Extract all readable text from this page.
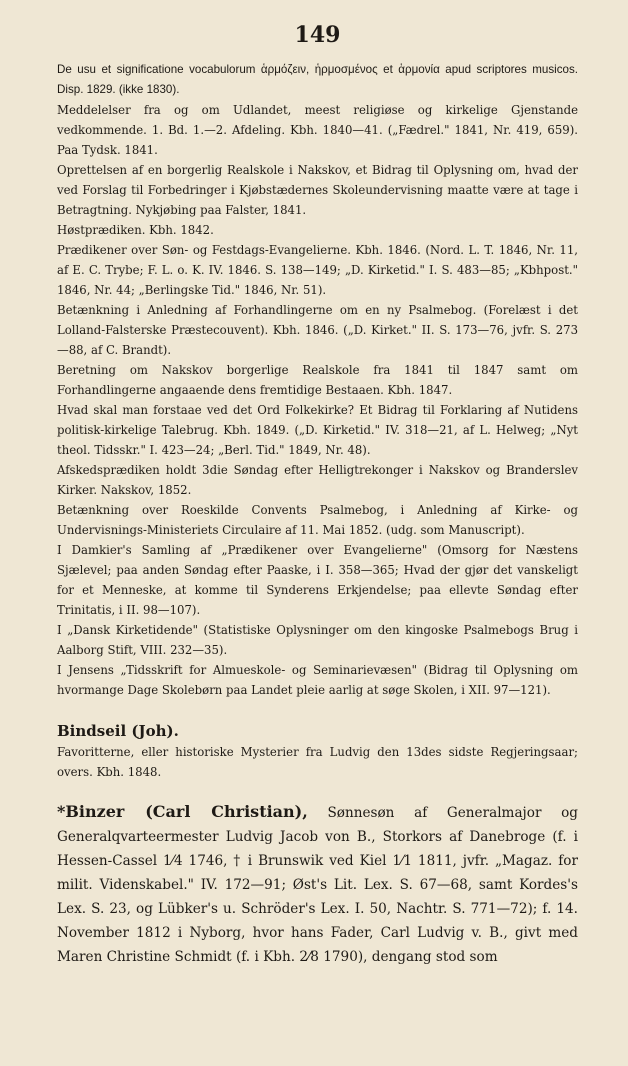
149

De usu et significatione vocabulorum ἁρμόζειν, ἡρμοσμένος et ἁρμονία apud scriptores musicos. Disp. 1829. (ikke 1830).

Meddelelser fra og om Udlandet, meest religiøse og kirkelige Gjenstande vedkommende. 1. Bd. 1.—2. Afdeling. Kbh. 1840—41. („Fædrel." 1841, Nr. 419, 659). Paa Tydsk. 1841.

Oprettelsen af en borgerlig Realskole i Nakskov, et Bidrag til Oplysning om, hvad der ved Forslag til Forbedringer i Kjøbstædernes Skoleundervisning maatte være at tage i Betragtning. Nykjøbing paa Falster, 1841.

Høstprædiken. Kbh. 1842.

Prædikener over Søn- og Festdags-Evangelierne. Kbh. 1846. (Nord. L. T. 1846, Nr. 11, af E. C. Trybe; F. L. o. K. IV. 1846. S. 138—149; „D. Kirketid." I. S. 483—85; „Kbhpost." 1846, Nr. 44; „Berlingske Tid." 1846, Nr. 51).

Betænkning i Anledning af Forhandlingerne om en ny Psalmebog. (Forelæst i det Lolland-Falsterske Præstecouvent). Kbh. 1846. („D. Kirket." II. S. 173—76, jvfr. S. 273—88, af C. Brandt).

Beretning om Nakskov borgerlige Realskole fra 1841 til 1847 samt om Forhandlingerne angaaende dens fremtidige Bestaaen. Kbh. 1847.

Hvad skal man forstaae ved det Ord Folkekirke? Et Bidrag til Forklaring af Nutidens politisk-kirkelige Talebrug. Kbh. 1849. („D. Kirketid." IV. 318—21, af L. Helweg; „Nyt theol. Tidsskr." I. 423—24; „Berl. Tid." 1849, Nr. 48).

Afskedsprædiken holdt 3die Søndag efter Helligtrekonger i Nakskov og Branderslev Kirker. Nakskov, 1852.

Betænkning over Roeskilde Convents Psalmebog, i Anledning af Kirke- og Undervisnings-Ministeriets Circulaire af 11. Mai 1852. (udg. som Manuscript).

I Damkier's Samling af „Prædikener over Evangelierne" (Omsorg for Næstens Sjælevel; paa anden Søndag efter Paaske, i I. 358—365; Hvad der gjør det vanskeligt for et Menneske, at komme til Synderens Erkjendelse; paa ellevte Søndag efter Trinitatis, i II. 98—107).

I „Dansk Kirketidende" (Statistiske Oplysninger om den kingoske Psalmebogs Brug i Aalborg Stift, VIII. 232—35).

I Jensens „Tidsskrift for Almueskole- og Seminarievæsen" (Bidrag til Oplysning om hvormange Dage Skolebørn paa Landet pleie aarlig at søge Skolen, i XII. 97—121).

Bindseil (Joh).

Favoritterne, eller historiske Mysterier fra Ludvig den 13des sidste Regjeringsaar; overs. Kbh. 1848.

*Binzer (Carl Christian), Sønnesøn af Generalmajor og Generalqvarteermester Ludvig Jacob von B., Storkors af Danebroge (f. i Hessen-Cassel 1⁄4 1746, † i Brunswik ved Kiel 1⁄1 1811, jvfr. „Magaz. for milit. Videnskabel." IV. 172—91; Øst's Lit. Lex. S. 67—68, samt Kordes's Lex. S. 23, og Lübker's u. Schröder's Lex. I. 50, Nachtr. S. 771—72); f. 14. November 1812 i Nyborg, hvor hans Fader, Carl Ludvig v. B., givt med Maren Christine Schmidt (f. i Kbh. 2⁄8 1790), dengang stod som
